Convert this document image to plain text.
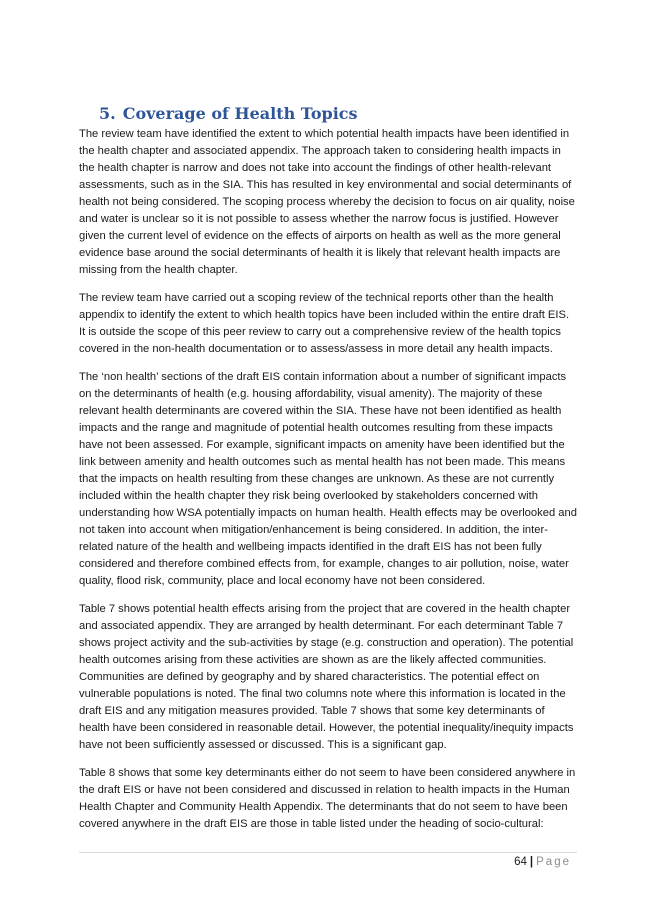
5. Coverage of Health Topics

The review team have identified the extent to which potential health impacts have been identified in the health chapter and associated appendix. The approach taken to considering health impacts in the health chapter is narrow and does not take into account the findings of other health-relevant assessments, such as in the SIA. This has resulted in key environmental and social determinants of health not being considered. The scoping process whereby the decision to focus on air quality, noise and water is unclear so it is not possible to assess whether the narrow focus is justified. However given the current level of evidence on the effects of airports on health as well as the more general evidence base around the social determinants of health it is likely that relevant health impacts are missing from the health chapter.

The review team have carried out a scoping review of the technical reports other than the health appendix to identify the extent to which health topics have been included within the entire draft EIS. It is outside the scope of this peer review to carry out a comprehensive review of the health topics covered in the non-health documentation or to assess/assess in more detail any health impacts.

The ‘non health’ sections of the draft EIS contain information about a number of significant impacts on the determinants of health (e.g. housing affordability, visual amenity). The majority of these relevant health determinants are covered within the SIA. These have not been identified as health impacts and the range and magnitude of potential health outcomes resulting from these impacts have not been assessed. For example, significant impacts on amenity have been identified but the link between amenity and health outcomes such as mental health has not been made. This means that the impacts on health resulting from these changes are unknown. As these are not currently included within the health chapter they risk being overlooked by stakeholders concerned with understanding how WSA potentially impacts on human health. Health effects may be overlooked and not taken into account when mitigation/enhancement is being considered. In addition, the inter-related nature of the health and wellbeing impacts identified in the draft EIS has not been fully considered and therefore combined effects from, for example, changes to air pollution, noise, water quality, flood risk, community, place and local economy have not been considered.

Table 7 shows potential health effects arising from the project that are covered in the health chapter and associated appendix. They are arranged by health determinant. For each determinant Table 7 shows project activity and the sub-activities by stage (e.g. construction and operation). The potential health outcomes arising from these activities are shown as are the likely affected communities. Communities are defined by geography and by shared characteristics. The potential effect on vulnerable populations is noted. The final two columns note where this information is located in the draft EIS and any mitigation measures provided. Table 7 shows that some key determinants of health have been considered in reasonable detail. However, the potential inequality/inequity impacts have not been sufficiently assessed or discussed. This is a significant gap.

Table 8 shows that some key determinants either do not seem to have been considered anywhere in the draft EIS or have not been considered and discussed in relation to health impacts in the Human Health Chapter and Community Health Appendix. The determinants that do not seem to have been covered anywhere in the draft EIS are those in table listed under the heading of socio-cultural:

64 | Page
